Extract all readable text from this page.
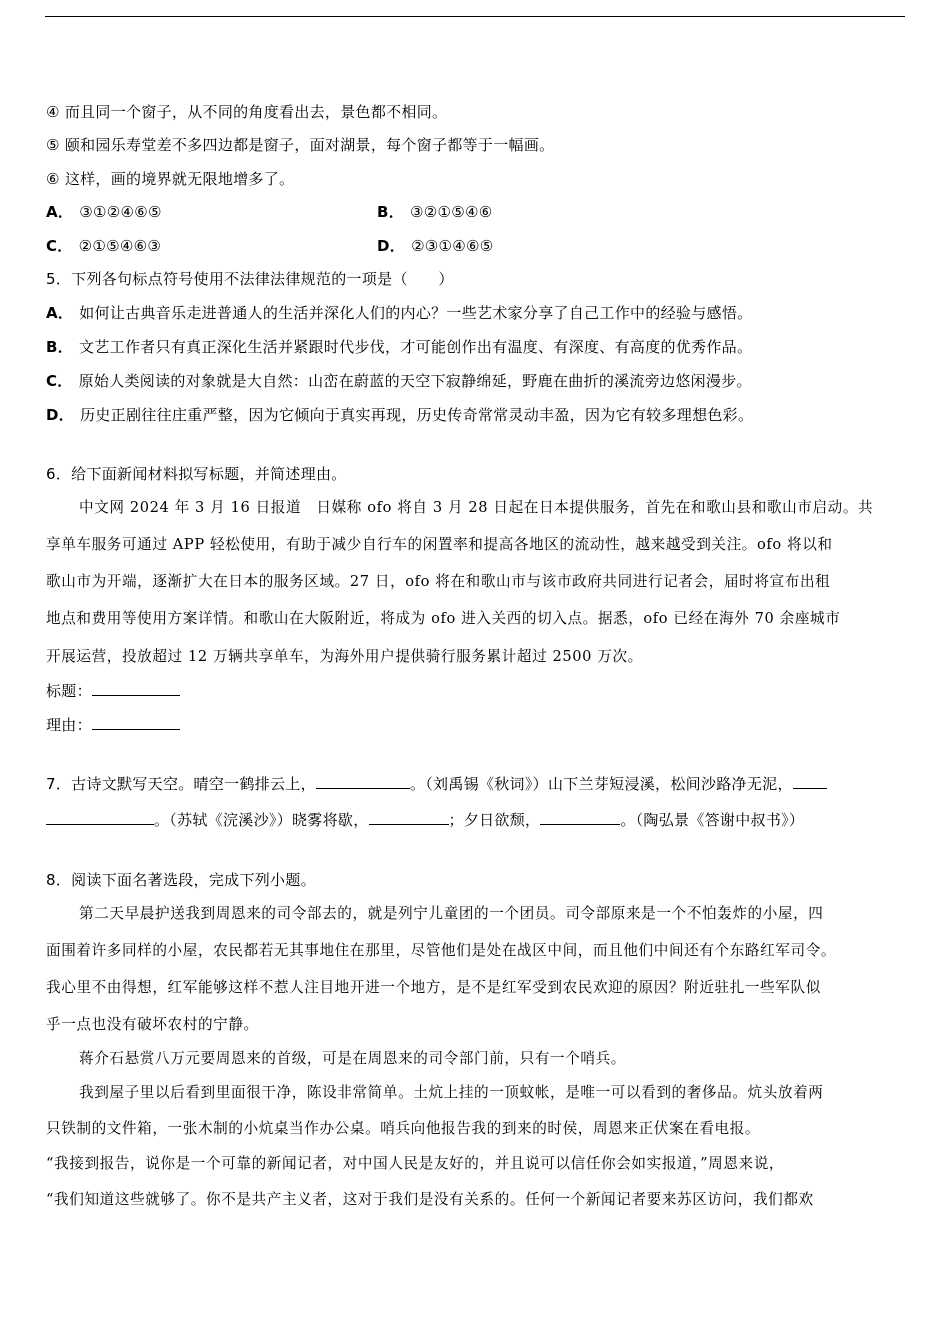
④ 而且同一个窗子，从不同的角度看出去，景色都不相同。
⑤ 颐和园乐寿堂差不多四边都是窗子，面对湖景，每个窗子都等于一幅画。
⑥ 这样，画的境界就无限地增多了。
A． ③①②④⑥⑤	B． ③②①⑤④⑥
C． ②①⑤④⑥③	D． ②③①④⑥⑤
5．下列各句标点符号使用不法律法律规范的一项是（　　）
A． 如何让古典音乐走进普通人的生活并深化人们的内心？一些艺术家分享了自己工作中的经验与感悟。
B． 文艺工作者只有真正深化生活并紧跟时代步伐，才可能创作出有温度、有深度、有高度的优秀作品。
C． 原始人类阅读的对象就是大自然：山峦在蔚蓝的天空下寂静绵延，野鹿在曲折的溪流旁边悠闲漫步。
D． 历史正剧往往庄重严整，因为它倾向于真实再现，历史传奇常常灵动丰盈，因为它有较多理想色彩。
6．给下面新闻材料拟写标题，并简述理由。
中文网 2024 年 3 月 16 日报道　日媒称 ofo 将自 3 月 28 日起在日本提供服务，首先在和歌山县和歌山市启动。共
享单车服务可通过 APP 轻松使用，有助于减少自行车的闲置率和提高各地区的流动性，越来越受到关注。ofo 将以和
歌山市为开端，逐渐扩大在日本的服务区域。27 日，ofo 将在和歌山市与该市政府共同进行记者会，届时将宣布出租
地点和费用等使用方案详情。和歌山在大阪附近，将成为 ofo 进入关西的切入点。据悉，ofo 已经在海外 70 余座城市
开展运营，投放超过 12 万辆共享单车，为海外用户提供骑行服务累计超过 2500 万次。
标题：
理由：
7．古诗文默写天空。晴空一鹤排云上，	。（刘禹锡《秋词》）山下兰芽短浸溪，松间沙路净无泥，
。（苏轼《浣溪沙》）晓雾将歇，	；夕日欲颓，	。（陶弘景《答谢中叔书》）
8．阅读下面名著选段，完成下列小题。
第二天早晨护送我到周恩来的司令部去的，就是列宁儿童团的一个团员。司令部原来是一个不怕轰炸的小屋，四
面围着许多同样的小屋，农民都若无其事地住在那里，尽管他们是处在战区中间，而且他们中间还有个东路红军司令。
我心里不由得想，红军能够这样不惹人注目地开进一个地方，是不是红军受到农民欢迎的原因？附近驻扎一些军队似
乎一点也没有破坏农村的宁静。
蒋介石悬赏八万元要周恩来的首级，可是在周恩来的司令部门前，只有一个哨兵。
我到屋子里以后看到里面很干净，陈设非常简单。土炕上挂的一顶蚊帐，是唯一可以看到的奢侈品。炕头放着两
只铁制的文件箱，一张木制的小炕桌当作办公桌。哨兵向他报告我的到来的时侯，周恩来正伏案在看电报。
“我接到报告，说你是一个可靠的新闻记者，对中国人民是友好的，并且说可以信任你会如实报道，”周恩来说，
“我们知道这些就够了。你不是共产主义者，这对于我们是没有关系的。任何一个新闻记者要来苏区访问，我们都欢
